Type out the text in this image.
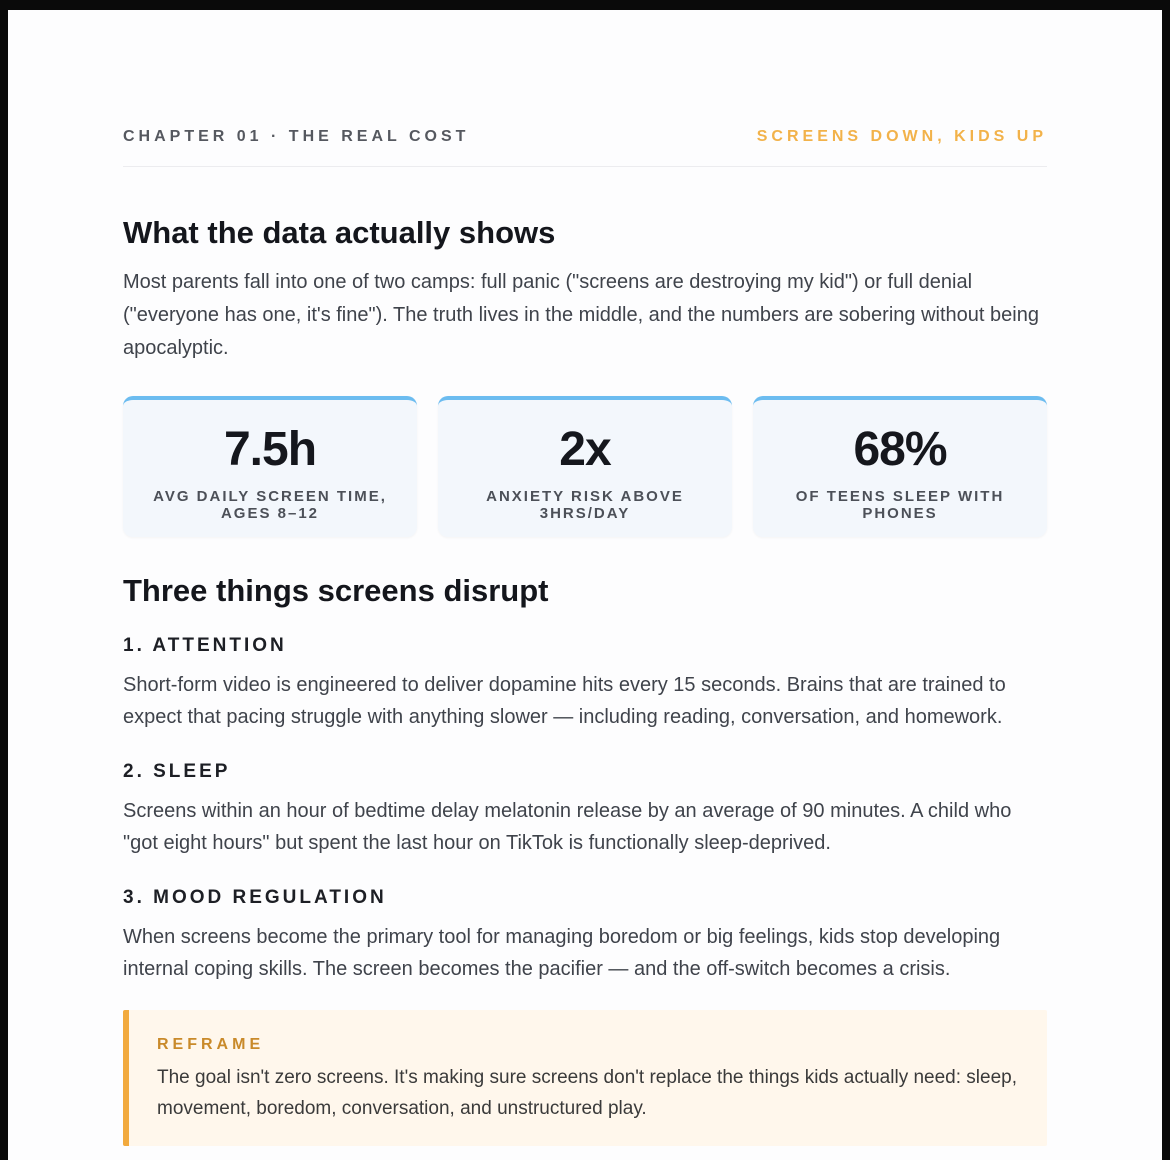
CHAPTER 01 · THE REAL COST	SCREENS DOWN, KIDS UP
What the data actually shows

Most parents fall into one of two camps: full panic ("screens are destroying my kid") or full denial ("everyone has one, it's fine"). The truth lives in the middle, and the numbers are sobering without being apocalyptic.

7.5h
AVG DAILY SCREEN TIME, AGES 8–12
2x
ANXIETY RISK ABOVE 3HRS/DAY
68%
OF TEENS SLEEP WITH PHONES
Three things screens disrupt
1. ATTENTION

Short-form video is engineered to deliver dopamine hits every 15 seconds. Brains that are trained to expect that pacing struggle with anything slower — including reading, conversation, and homework.

2. SLEEP

Screens within an hour of bedtime delay melatonin release by an average of 90 minutes. A child who "got eight hours" but spent the last hour on TikTok is functionally sleep-deprived.

3. MOOD REGULATION

When screens become the primary tool for managing boredom or big feelings, kids stop developing internal coping skills. The screen becomes the pacifier — and the off-switch becomes a crisis.

REFRAME

The goal isn't zero screens. It's making sure screens don't replace the things kids actually need: sleep, movement, boredom, conversation, and unstructured play.
